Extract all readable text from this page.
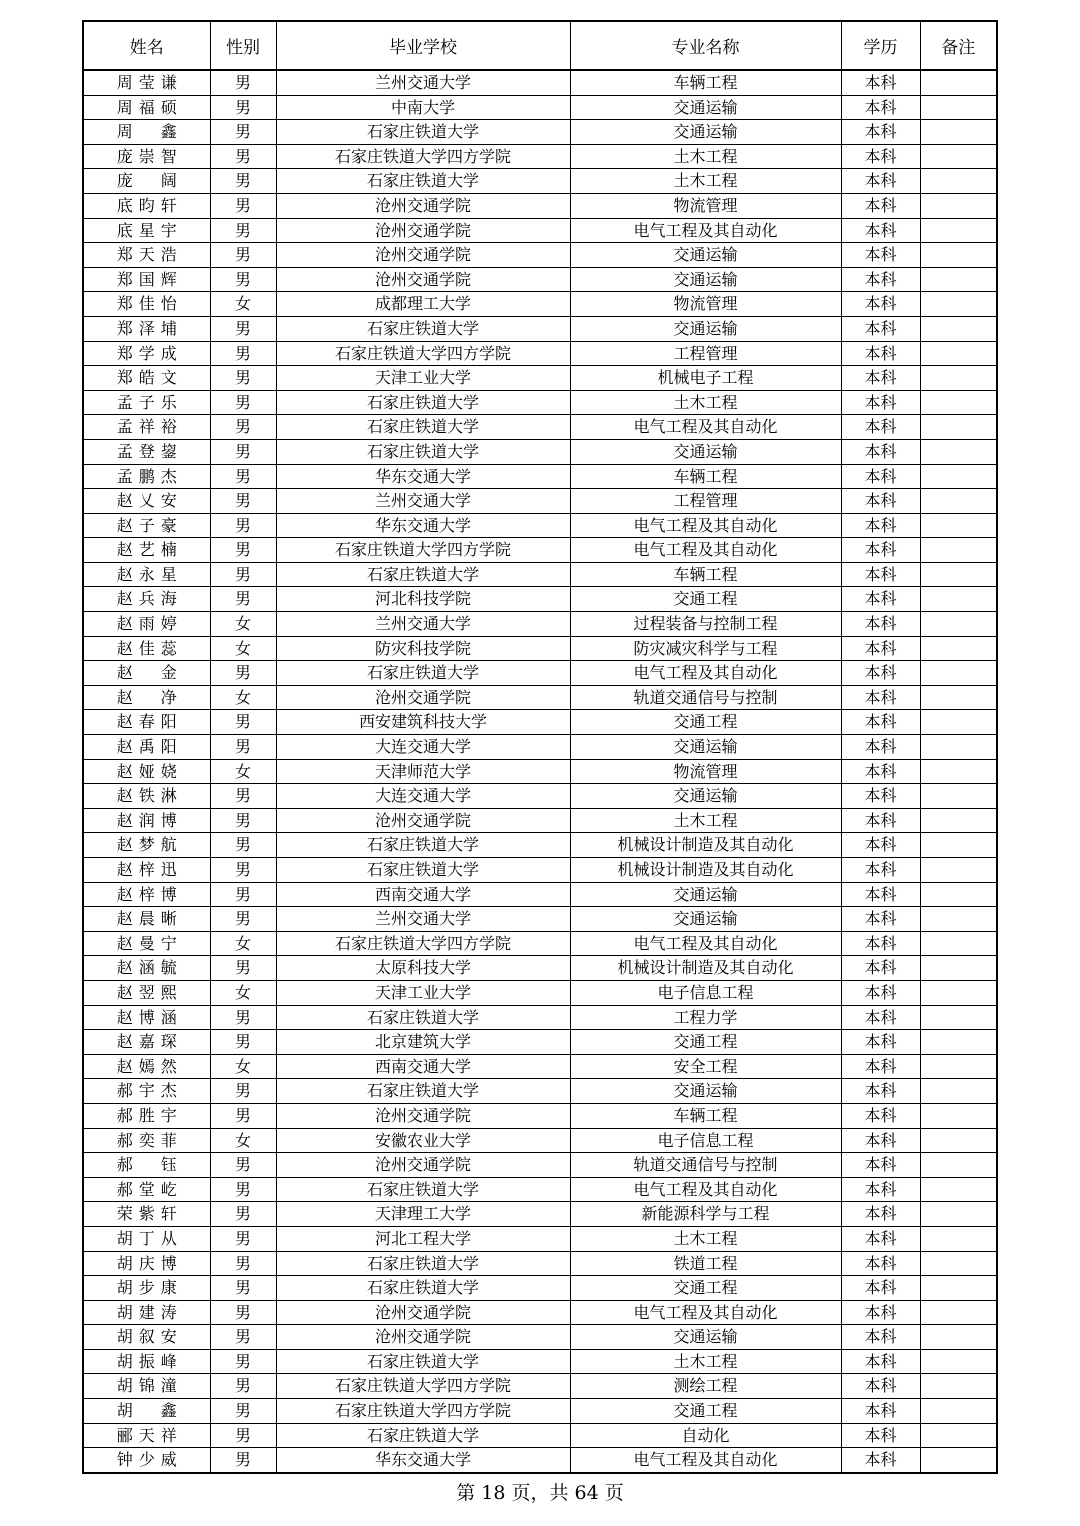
姓名	性别	毕业学校	专业名称	学历	备注
周莹谦	男	兰州交通大学	车辆工程	本科	
周福硕	男	中南大学	交通运输	本科	
周　鑫	男	石家庄铁道大学	交通运输	本科	
庞崇智	男	石家庄铁道大学四方学院	土木工程	本科	
庞　阔	男	石家庄铁道大学	土木工程	本科	
底昀轩	男	沧州交通学院	物流管理	本科	
底星宇	男	沧州交通学院	电气工程及其自动化	本科	
郑天浩	男	沧州交通学院	交通运输	本科	
郑国辉	男	沧州交通学院	交通运输	本科	
郑佳怡	女	成都理工大学	物流管理	本科	
郑泽埔	男	石家庄铁道大学	交通运输	本科	
郑学成	男	石家庄铁道大学四方学院	工程管理	本科	
郑皓文	男	天津工业大学	机械电子工程	本科	
孟子乐	男	石家庄铁道大学	土木工程	本科	
孟祥裕	男	石家庄铁道大学	电气工程及其自动化	本科	
孟登鋆	男	石家庄铁道大学	交通运输	本科	
孟鹏杰	男	华东交通大学	车辆工程	本科	
赵乂安	男	兰州交通大学	工程管理	本科	
赵子豪	男	华东交通大学	电气工程及其自动化	本科	
赵艺楠	男	石家庄铁道大学四方学院	电气工程及其自动化	本科	
赵永星	男	石家庄铁道大学	车辆工程	本科	
赵兵海	男	河北科技学院	交通工程	本科	
赵雨婷	女	兰州交通大学	过程装备与控制工程	本科	
赵佳蕊	女	防灾科技学院	防灾减灾科学与工程	本科	
赵　金	男	石家庄铁道大学	电气工程及其自动化	本科	
赵　净	女	沧州交通学院	轨道交通信号与控制	本科	
赵春阳	男	西安建筑科技大学	交通工程	本科	
赵禹阳	男	大连交通大学	交通运输	本科	
赵娅娆	女	天津师范大学	物流管理	本科	
赵铁淋	男	大连交通大学	交通运输	本科	
赵润博	男	沧州交通学院	土木工程	本科	
赵梦航	男	石家庄铁道大学	机械设计制造及其自动化	本科	
赵梓迅	男	石家庄铁道大学	机械设计制造及其自动化	本科	
赵梓博	男	西南交通大学	交通运输	本科	
赵晨晰	男	兰州交通大学	交通运输	本科	
赵曼宁	女	石家庄铁道大学四方学院	电气工程及其自动化	本科	
赵涵毓	男	太原科技大学	机械设计制造及其自动化	本科	
赵翌熙	女	天津工业大学	电子信息工程	本科	
赵博涵	男	石家庄铁道大学	工程力学	本科	
赵嘉琛	男	北京建筑大学	交通工程	本科	
赵嫣然	女	西南交通大学	安全工程	本科	
郝宇杰	男	石家庄铁道大学	交通运输	本科	
郝胜宇	男	沧州交通学院	车辆工程	本科	
郝奕菲	女	安徽农业大学	电子信息工程	本科	
郝　钰	男	沧州交通学院	轨道交通信号与控制	本科	
郝堂屹	男	石家庄铁道大学	电气工程及其自动化	本科	
荣紫轩	男	天津理工大学	新能源科学与工程	本科	
胡丁从	男	河北工程大学	土木工程	本科	
胡庆博	男	石家庄铁道大学	铁道工程	本科	
胡步康	男	石家庄铁道大学	交通工程	本科	
胡建涛	男	沧州交通学院	电气工程及其自动化	本科	
胡叙安	男	沧州交通学院	交通运输	本科	
胡振峰	男	石家庄铁道大学	土木工程	本科	
胡锦潼	男	石家庄铁道大学四方学院	测绘工程	本科	
胡　鑫	男	石家庄铁道大学四方学院	交通工程	本科	
郦天祥	男	石家庄铁道大学	自动化	本科	
钟少威	男	华东交通大学	电气工程及其自动化	本科	
第 18 页，共 64 页
